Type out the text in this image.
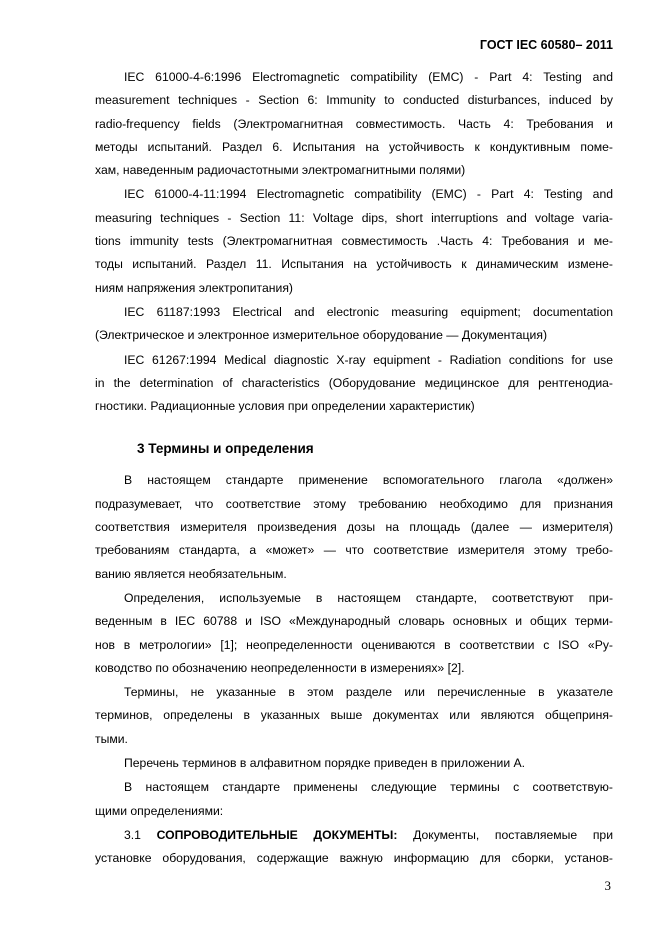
ГОСТ IEC 60580– 2011
IEC 61000-4-6:1996 Electromagnetic compatibility (EMC) - Part 4: Testing and
measurement techniques - Section 6: Immunity to conducted disturbances, induced by
radio-frequency fields (Электромагнитная совместимость. Часть 4: Требования и
методы испытаний. Раздел 6. Испытания на устойчивость к кондуктивным поме-
хам, наведенным радиочастотными электромагнитными полями)
IEC 61000-4-11:1994 Electromagnetic compatibility (EMC) - Part 4: Testing and
measuring techniques - Section 11: Voltage dips, short interruptions and voltage varia-
tions immunity tests (Электромагнитная совместимость .Часть 4: Требования и ме-
тоды испытаний. Раздел 11. Испытания на устойчивость к динамическим измене-
ниям напряжения электропитания)
IEC 61187:1993 Electrical and electronic measuring equipment; documentation
(Электрическое и электронное измерительное оборудование — Документация)
IEC 61267:1994 Medical diagnostic X-ray equipment - Radiation conditions for use
in the determination of characteristics (Оборудование медицинское для рентгенодиа-
гностики. Радиационные условия при определении характеристик)
3 Термины и определения
В настоящем стандарте применение вспомогательного глагола «должен»
подразумевает, что соответствие этому требованию необходимо для признания
соответствия измерителя произведения дозы на площадь (далее — измерителя)
требованиям стандарта, а «может» — что соответствие измерителя этому требо-
ванию является необязательным.
Определения, используемые в настоящем стандарте, соответствуют при-
веденным в IEC 60788 и ISO «Международный словарь основных и общих терми-
нов в метрологии» [1]; неопределенности оцениваются в соответствии с ISO «Ру-
ководство по обозначению неопределенности в измерениях» [2].
Термины, не указанные в этом разделе или перечисленные в указателе
терминов, определены в указанных выше документах или являются общеприня-
тыми.
Перечень терминов в алфавитном порядке приведен в приложении А.
В настоящем стандарте применены следующие термины с соответствую-
щими определениями:
3.1 СОПРОВОДИТЕЛЬНЫЕ ДОКУМЕНТЫ: Документы, поставляемые при
установке оборудования, содержащие важную информацию для сборки, установ-
3
